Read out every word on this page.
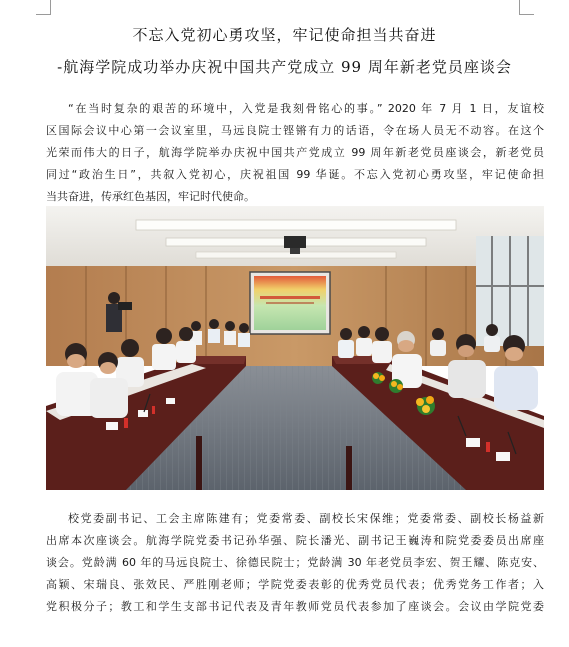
不忘入党初心勇攻坚，牢记使命担当共奋进
-航海学院成功举办庆祝中国共产党成立 99 周年新老党员座谈会
“在当时复杂的艰苦的环境中，入党是我刻骨铭心的事。” 2020 年 7 月 1 日，友谊校
区国际会议中心第一会议室里，马远良院士铿锵有力的话语，令在场人员无不动容。在这个
光荣而伟大的日子，航海学院举办庆祝中国共产党成立 99 周年新老党员座谈会，新老党员
同过“政治生日”，共叙入党初心，庆祝祖国 99 华诞。不忘入党初心勇攻坚，牢记使命担
当共奋进，传承红色基因，牢记时代使命。
校党委副书记、工会主席陈建有；党委常委、副校长宋保维；党委常委、副校长杨益新
出席本次座谈会。航海学院党委书记孙华强、院长潘光、副书记王巍涛和院党委委员出席座
谈会。党龄满 60 年的马远良院士、徐德民院士；党龄满 30 年老党员李宏、贺王耀、陈克安、
高颖、宋瑞良、张效民、严胜刚老师；学院党委表彰的优秀党员代表；优秀党务工作者；入
党积极分子；教工和学生支部书记代表及青年教师党员代表参加了座谈会。会议由学院党委
